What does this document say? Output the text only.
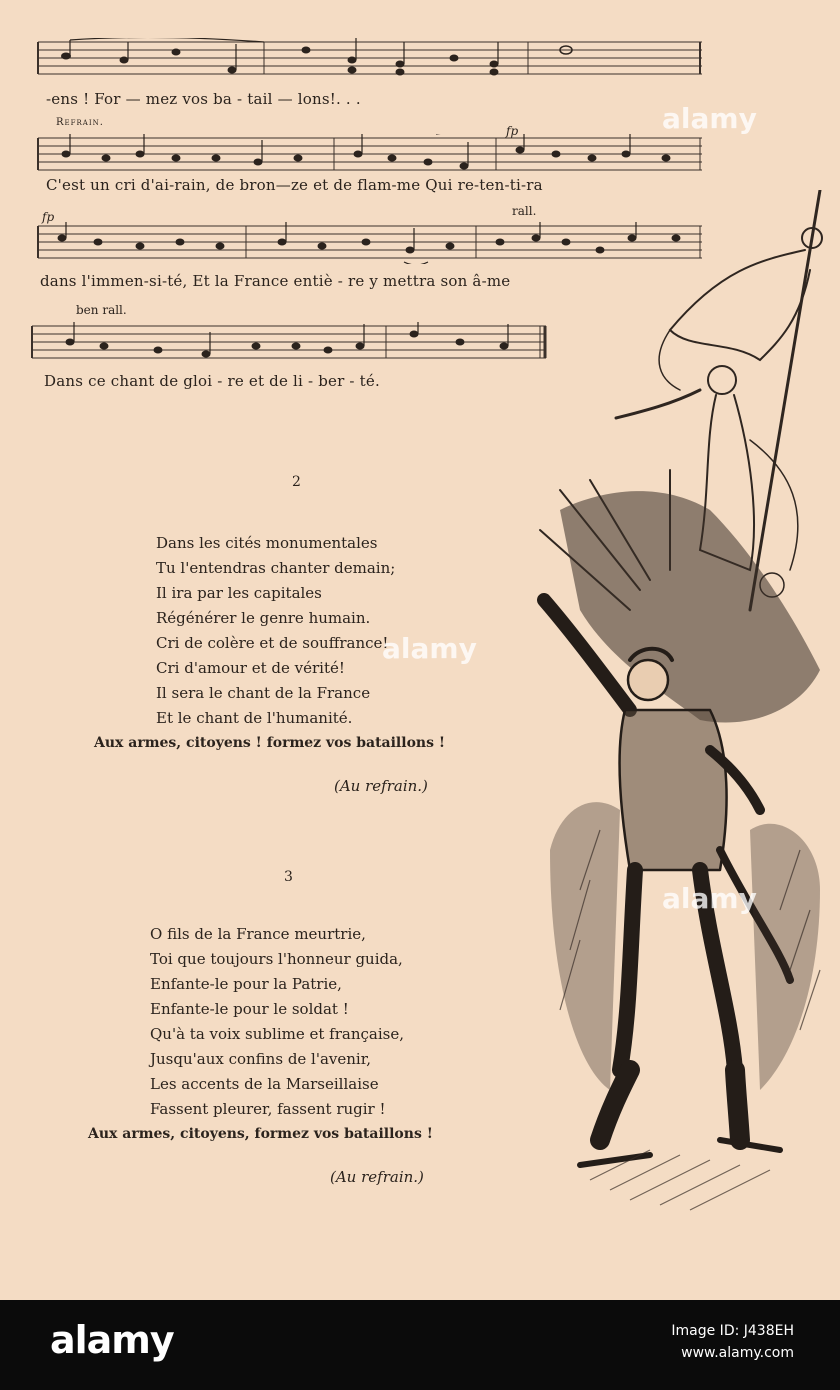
-ens ! For — mez vos ba - tail — lons!. . .
Refrain.
fp
C'est un cri d'ai-rain, de bron—ze et de flam-me Qui re-ten-ti-ra
fp	rall.
dans l'immen-si-té, Et la France entiè - re y mettra son â-me
ben rall.
Dans ce chant de gloi - re et de li - ber - té.
2
Dans les cités monumentales
Tu l'entendras chanter demain;
Il ira par les capitales
Régénérer le genre humain.
Cri de colère et de souffrance!
Cri d'amour et de vérité!
Il sera le chant de la France
Et le chant de l'humanité.
Aux armes, citoyens ! formez vos bataillons !
(Au refrain.)
3
O fils de la France meurtrie,
Toi que toujours l'honneur guida,
Enfante-le pour la Patrie,
Enfante-le pour le soldat !
Qu'à ta voix sublime et française,
Jusqu'aux confins de l'avenir,
Les accents de la Marseillaise
Fassent pleurer, fassent rugir !
Aux armes, citoyens, formez vos bataillons !
(Au refrain.)
alamy
alamy
alamy
alamy	Image ID: J438EH
www.alamy.com
